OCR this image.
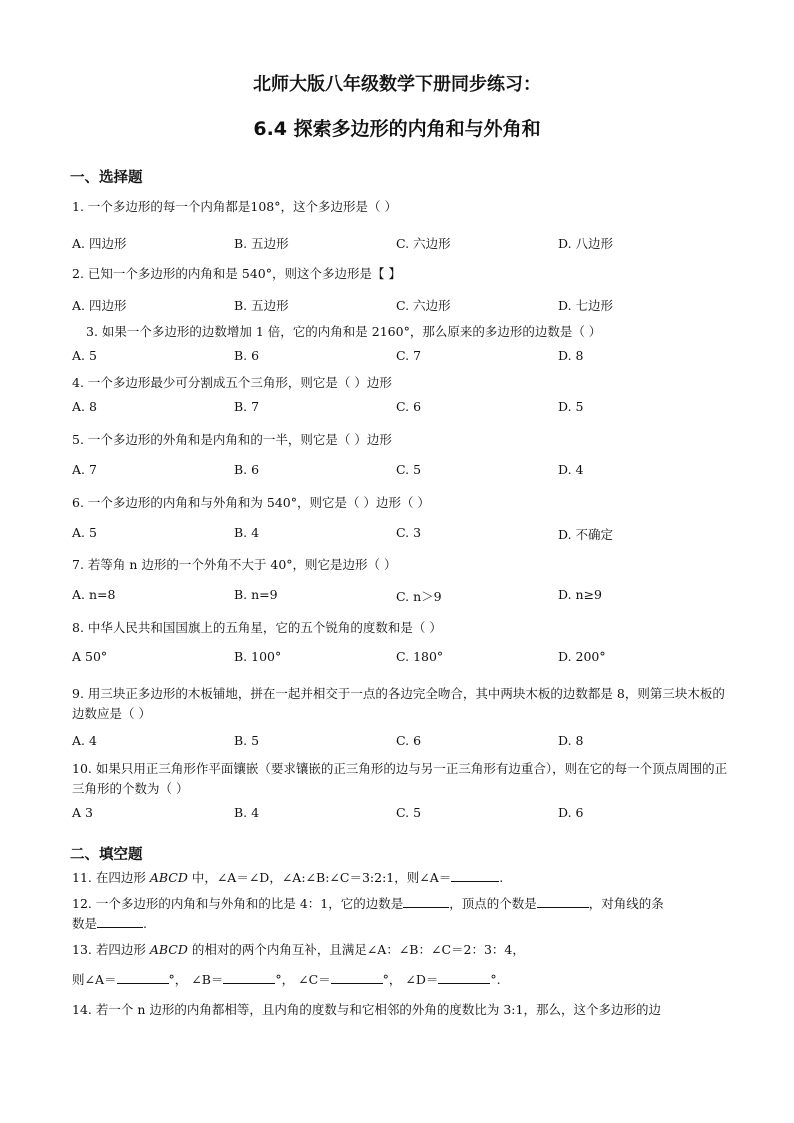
北师大版八年级数学下册同步练习：
6.4 探索多边形的内角和与外角和
一、选择题
1. 一个多边形的每一个内角都是108°，这个多边形是（ ）
A. 四边形	B. 五边形	C. 六边形	D. 八边形
2. 已知一个多边形的内角和是 540°，则这个多边形是【 】
A. 四边形	B. 五边形	C. 六边形	D. 七边形
3. 如果一个多边形的边数增加 1 倍，它的内角和是 2160°，那么原来的多边形的边数是（ ）
A. 5	B. 6	C. 7	D. 8
4. 一个多边形最少可分割成五个三角形，则它是（ ）边形
A. 8	B. 7	C. 6	D. 5
5. 一个多边形的外角和是内角和的一半，则它是（ ）边形
A. 7	B. 6	C. 5	D. 4
6. 一个多边形的内角和与外角和为 540°，则它是（ ）边形（ ）
A. 5	B. 4	C. 3	D. 不确定
7. 若等角 n 边形的一个外角不大于 40°，则它是边形（ ）
A. n=8	B. n=9	C. n＞9	D. n≥9
8. 中华人民共和国国旗上的五角星，它的五个锐角的度数和是（ ）
A 50°	B. 100°	C. 180°	D. 200°
9. 用三块正多边形的木板铺地，拼在一起并相交于一点的各边完全吻合，其中两块木板的边数都是 8，则第三块木板的边数应是（ ）
A. 4	B. 5	C. 6	D. 8
10. 如果只用正三角形作平面镶嵌（要求镶嵌的正三角形的边与另一正三角形有边重合），则在它的每一个顶点周围的正三角形的个数为（ ）
A 3	B. 4	C. 5	D. 6
二、填空题
11. 在四边形 ABCD 中，∠A＝∠D，∠A:∠B:∠C＝3:2:1，则∠A＝	.
12. 一个多边形的内角和与外角和的比是 4：1，它的边数是	，顶点的个数是	，对角线的条
数是	.
13. 若四边形 ABCD 的相对的两个内角互补，且满足∠A：∠B：∠C＝2：3：4，
则∠A＝	°， ∠B＝	°， ∠C＝	°， ∠D＝	°.
14. 若一个 n 边形的内角都相等，且内角的度数与和它相邻的外角的度数比为 3:1，那么，这个多边形的边
